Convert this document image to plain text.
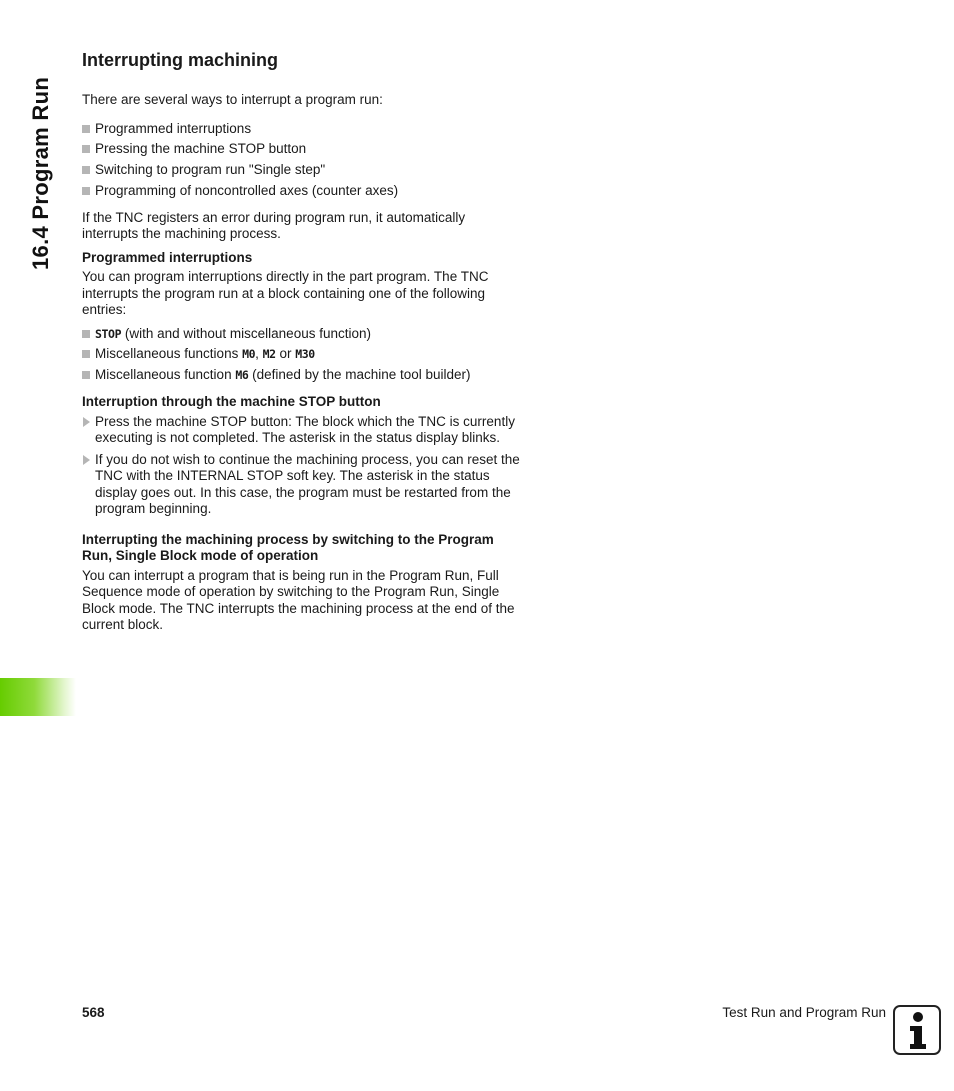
16.4 Program Run
Interrupting machining

There are several ways to interrupt a program run:

Programmed interruptions
Pressing the machine STOP button
Switching to program run "Single step"
Programming of noncontrolled axes (counter axes)

If the TNC registers an error during program run, it automatically interrupts the machining process.

Programmed interruptions

You can program interruptions directly in the part program. The TNC interrupts the program run at a block containing one of the following entries:

STOP (with and without miscellaneous function)
Miscellaneous functions M0, M2 or M30
Miscellaneous function M6 (defined by the machine tool builder)
Interruption through the machine STOP button
Press the machine STOP button: The block which the TNC is currently executing is not completed. The asterisk in the status display blinks.
If you do not wish to continue the machining process, you can reset the TNC with the INTERNAL STOP soft key. The asterisk in the status display goes out. In this case, the program must be restarted from the program beginning.
Interrupting the machining process by switching to the Program Run, Single Block mode of operation

You can interrupt a program that is being run in the Program Run, Full Sequence mode of operation by switching to the Program Run, Single Block mode. The TNC interrupts the machining process at the end of the current block.

568	Test Run and Program Run
